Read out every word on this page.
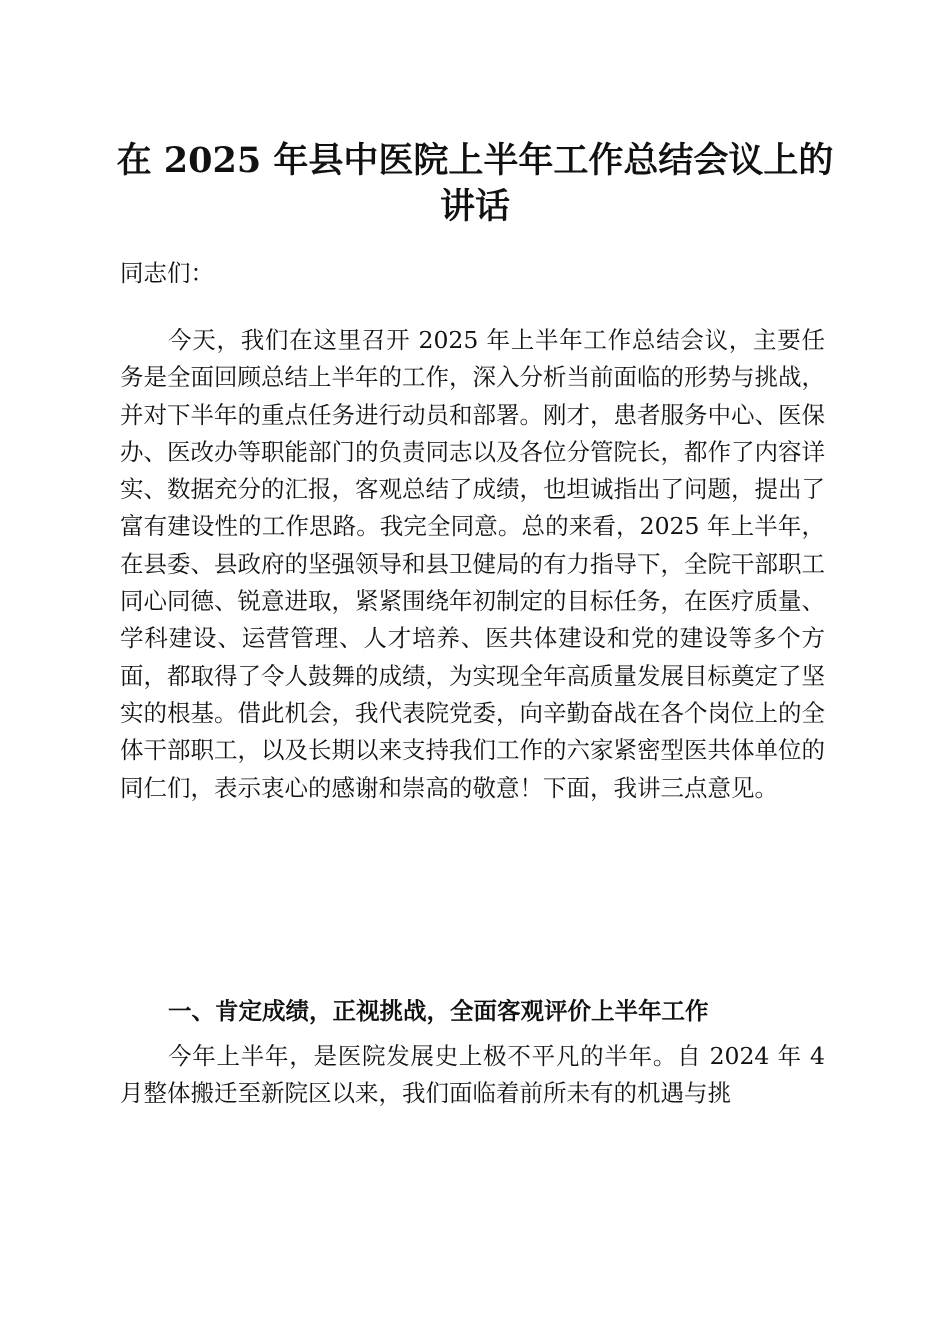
在 2025 年县中医院上半年工作总结会议上的
讲话

同志们：

今天，我们在这里召开 2025 年上半年工作总结会议，主要任务是全面回顾总结上半年的工作，深入分析当前面临的形势与挑战，并对下半年的重点任务进行动员和部署。刚才，患者服务中心、医保办、医改办等职能部门的负责同志以及各位分管院长，都作了内容详实、数据充分的汇报，客观总结了成绩，也坦诚指出了问题，提出了富有建设性的工作思路。我完全同意。总的来看，2025 年上半年，在县委、县政府的坚强领导和县卫健局的有力指导下，全院干部职工同心同德、锐意进取，紧紧围绕年初制定的目标任务，在医疗质量、学科建设、运营管理、人才培养、医共体建设和党的建设等多个方面，都取得了令人鼓舞的成绩，为实现全年高质量发展目标奠定了坚实的根基。借此机会，我代表院党委，向辛勤奋战在各个岗位上的全体干部职工，以及长期以来支持我们工作的六家紧密型医共体单位的同仁们，表示衷心的感谢和崇高的敬意！下面，我讲三点意见。

一、肯定成绩，正视挑战，全面客观评价上半年工作

今年上半年，是医院发展史上极不平凡的半年。自 2024 年 4 月整体搬迁至新院区以来，我们面临着前所未有的机遇与挑
